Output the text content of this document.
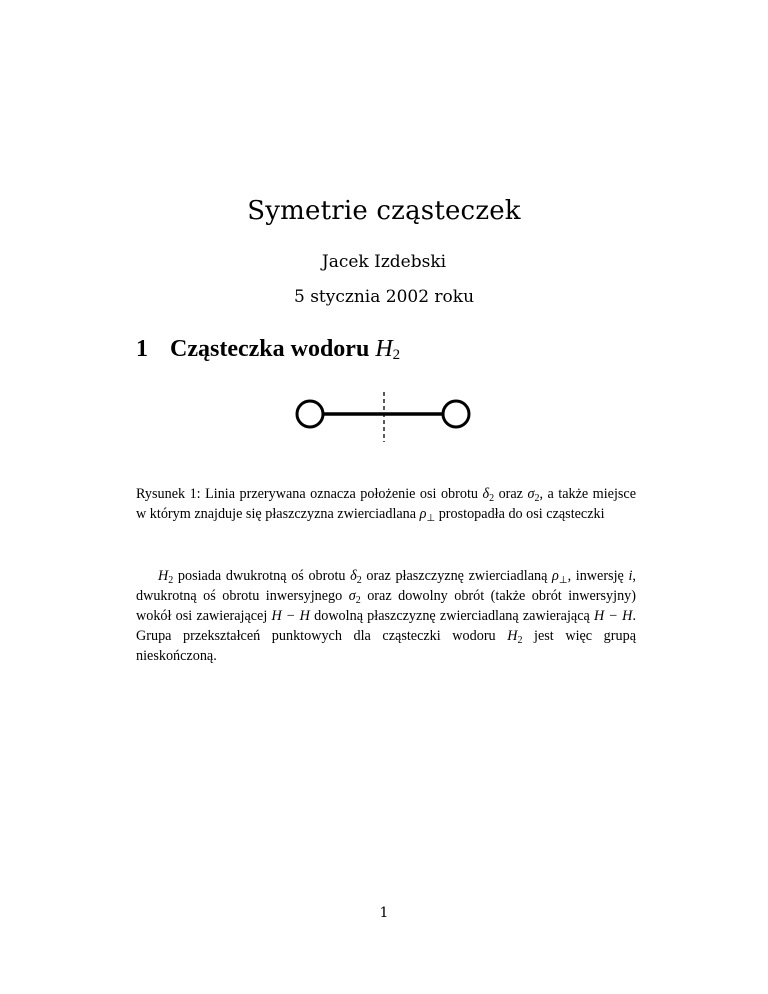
Symetrie cząsteczek
Jacek Izdebski
5 stycznia 2002 roku
1 Cząsteczka wodoru $H_2$
Rysunek 1: Linia przerywana oznacza położenie osi obrotu $\delta_2$ oraz $\sigma_2$, a także miejsce w którym znajduje się płaszczyzna zwierciadlana $\rho_\perp$ prostopadła do osi cząsteczki
$H_2$ posiada dwukrotną oś obrotu $\delta_2$ oraz płaszczyznę zwierciadlaną $\rho_\perp$, inwersję i, dwukrotną oś obrotu inwersyjnego $\sigma_2$ oraz dowolny obrót (także obrót inwersyjny) wokół osi zawierającej H − H dowolną płaszczyznę zwierciadlaną zawierającą H − H. Grupa przekształceń punktowych dla cząsteczki wodoru $H_2$ jest więc grupą nieskończoną.
1
